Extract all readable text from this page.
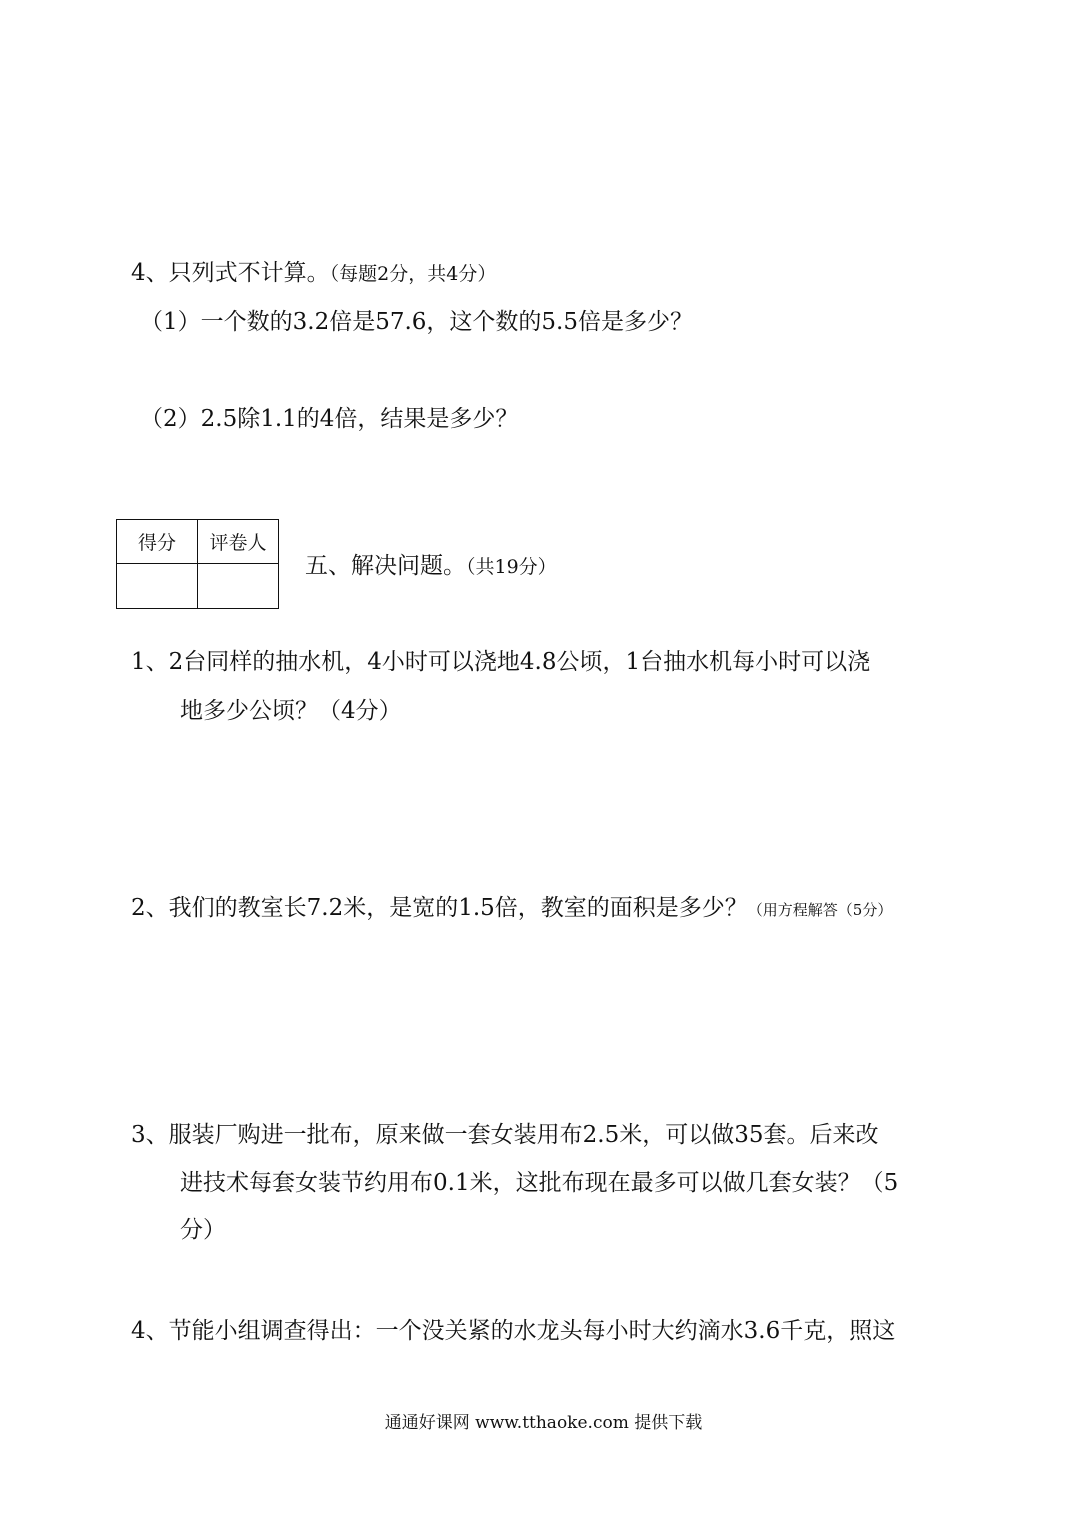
4、只列式不计算。（每题2分，共4分）
（1）一个数的3.2倍是57.6，这个数的5.5倍是多少？
（2）2.5除1.1的4倍，结果是多少？
得分	评卷人

五、解决问题。（共19分）
1、2台同样的抽水机，4小时可以浇地4.8公顷，1台抽水机每小时可以浇
地多少公顷？（4分）
2、我们的教室长7.2米，是宽的1.5倍，教室的面积是多少？（用方程解答（5分）
3、服装厂购进一批布，原来做一套女装用布2.5米，可以做35套。后来改
进技术每套女装节约用布0.1米，这批布现在最多可以做几套女装？（5
分）
4、节能小组调查得出：一个没关紧的水龙头每小时大约滴水3.6千克，照这
通通好课网 www.tthaoke.com 提供下载
